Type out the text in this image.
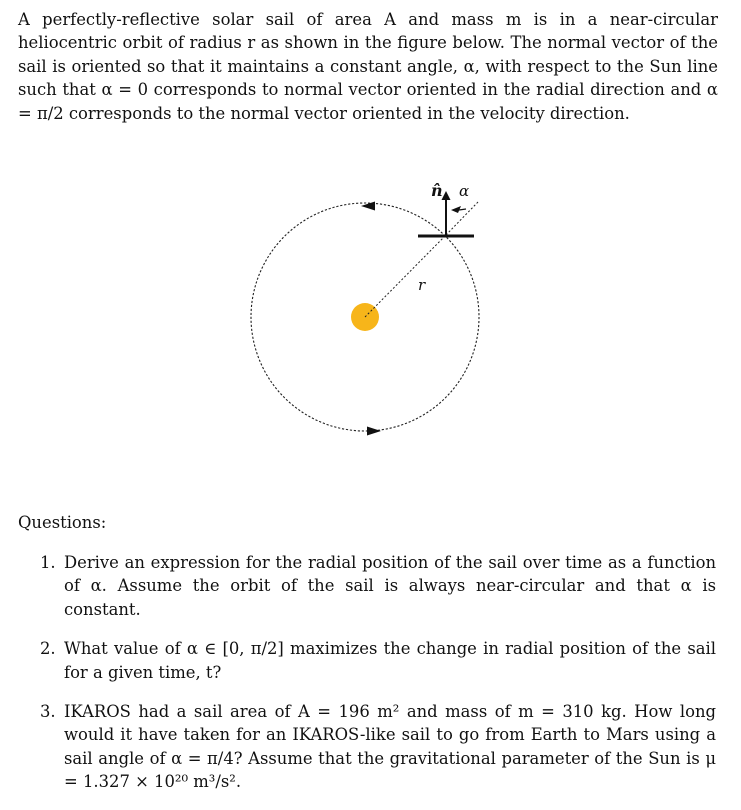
A perfectly-reflective solar sail of area A and mass m is in a near-circular heliocentric orbit of radius r as shown in the figure below. The normal vector of the sail is oriented so that it maintains a constant angle, α, with respect to the Sun line such that α = 0 corresponds to normal vector oriented in the radial direction and α = π/2 corresponds to the normal vector oriented in the velocity direction.

n̂ α
r
Questions:
1. Derive an expression for the radial position of the sail over time as a function of α. Assume the orbit of the sail is always near-circular and that α is constant.
2. What value of α ∈ [0, π/2] maximizes the change in radial position of the sail for a given time, t?
3. IKAROS had a sail area of A = 196 m² and mass of m = 310 kg. How long would it have taken for an IKAROS-like sail to go from Earth to Mars using a sail angle of α = π/4? Assume that the gravitational parameter of the Sun is μ = 1.327 × 10²⁰ m³/s².
